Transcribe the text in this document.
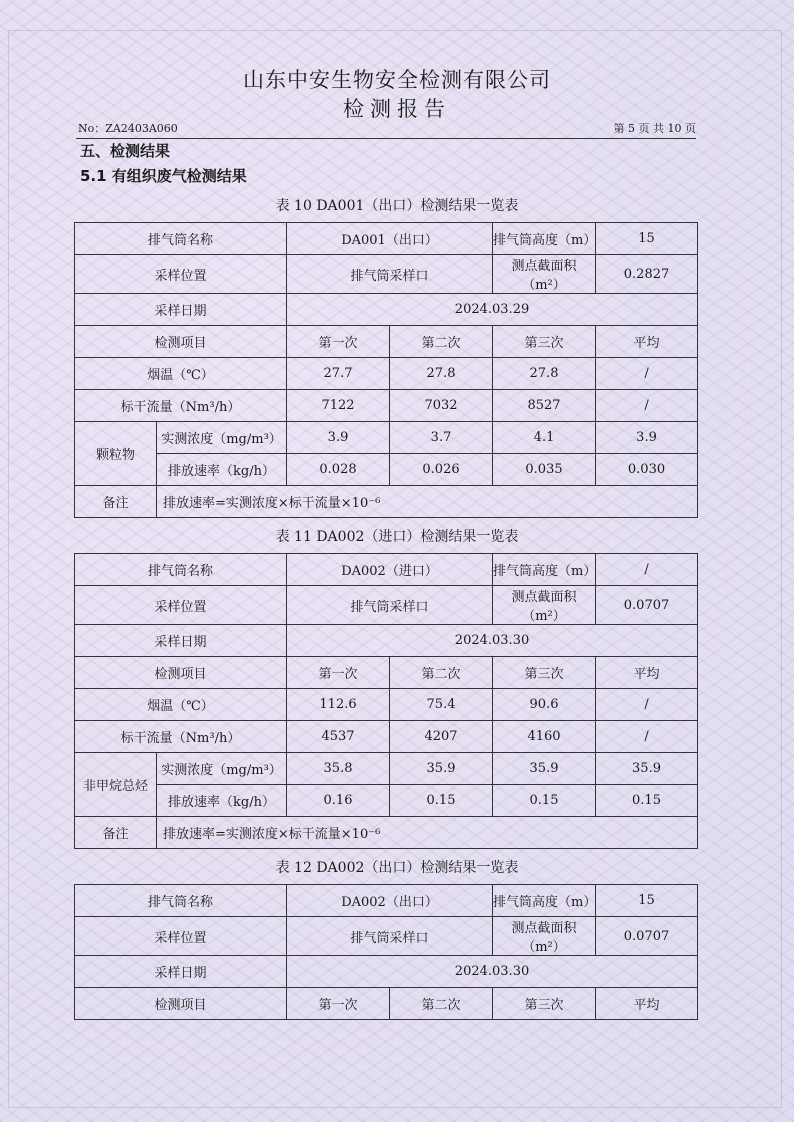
山东中安生物安全检测有限公司
检测报告
No：ZA2403A060	第 5 页 共 10 页
五、检测结果
5.1 有组织废气检测结果
表 10 DA001（出口）检测结果一览表
排气筒名称		DA001（出口）		排气筒高度（m）	15
采样位置		排气筒采样口		测点截面积（m²）	0.2827
采样日期		2024.03.29			
检测项目		第一次	第二次	第三次	平均
烟温（℃）		27.7	27.8	27.8	/
标干流量（Nm³/h）		7122	7032	8527	/
颗粒物	实测浓度（mg/m³）	3.9	3.7	4.1	3.9
	排放速率（kg/h）	0.028	0.026	0.035	0.030
备注	排放速率=实测浓度×标干流量×10⁻⁶				
表 11 DA002（进口）检测结果一览表
排气筒名称		DA002（进口）		排气筒高度（m）	/
采样位置		排气筒采样口		测点截面积（m²）	0.0707
采样日期		2024.03.30			
检测项目		第一次	第二次	第三次	平均
烟温（℃）		112.6	75.4	90.6	/
标干流量（Nm³/h）		4537	4207	4160	/
非甲烷总烃	实测浓度（mg/m³）	35.8	35.9	35.9	35.9
	排放速率（kg/h）	0.16	0.15	0.15	0.15
备注	排放速率=实测浓度×标干流量×10⁻⁶				
表 12 DA002（出口）检测结果一览表
排气筒名称	DA002（出口）		排气筒高度（m）	15
采样位置	排气筒采样口		测点截面积（m²）	0.0707
采样日期	2024.03.30			
检测项目	第一次	第二次	第三次	平均
